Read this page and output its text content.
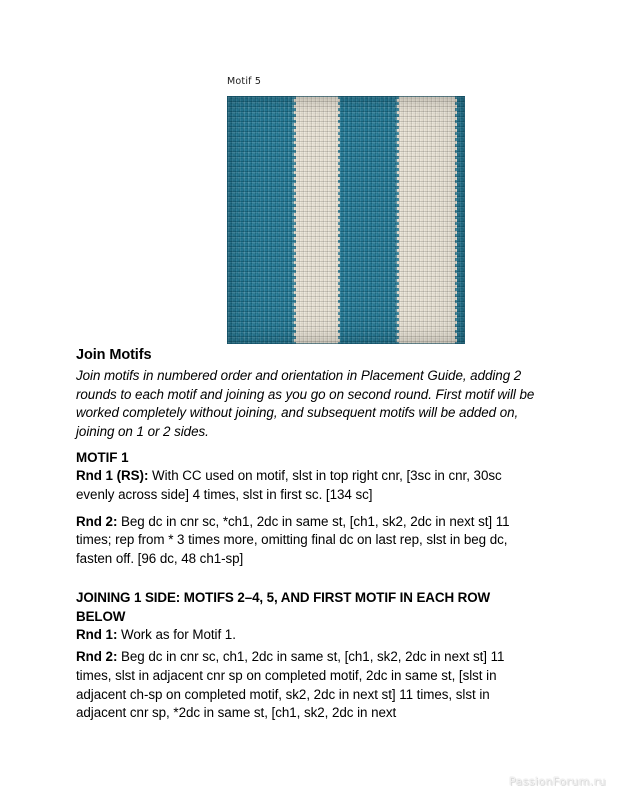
Motif 5
Join Motifs

Join motifs in numbered order and orientation in Placement Guide, adding 2 rounds to each motif and joining as you go on second round. First motif will be worked completely without joining, and subsequent motifs will be added on, joining on 1 or 2 sides.

MOTIF 1

Rnd 1 (RS): With CC used on motif, slst in top right cnr, [3sc in cnr, 30sc evenly across side] 4 times, slst in first sc. [134 sc]

Rnd 2: Beg dc in cnr sc, *ch1, 2dc in same st, [ch1, sk2, 2dc in next st] 11 times; rep from * 3 times more, omitting final dc on last rep, slst in beg dc, fasten off. [96 dc, 48 ch1-sp]

JOINING 1 SIDE: MOTIFS 2–4, 5, AND FIRST MOTIF IN EACH ROW BELOW

Rnd 1: Work as for Motif 1.

Rnd 2: Beg dc in cnr sc, ch1, 2dc in same st, [ch1, sk2, 2dc in next st] 11 times, slst in adjacent cnr sp on completed motif, 2dc in same st, [slst in adjacent ch-sp on completed motif, sk2, 2dc in next st] 11 times, slst in adjacent cnr sp, *2dc in same st, [ch1, sk2, 2dc in next

PassionForum.ru
